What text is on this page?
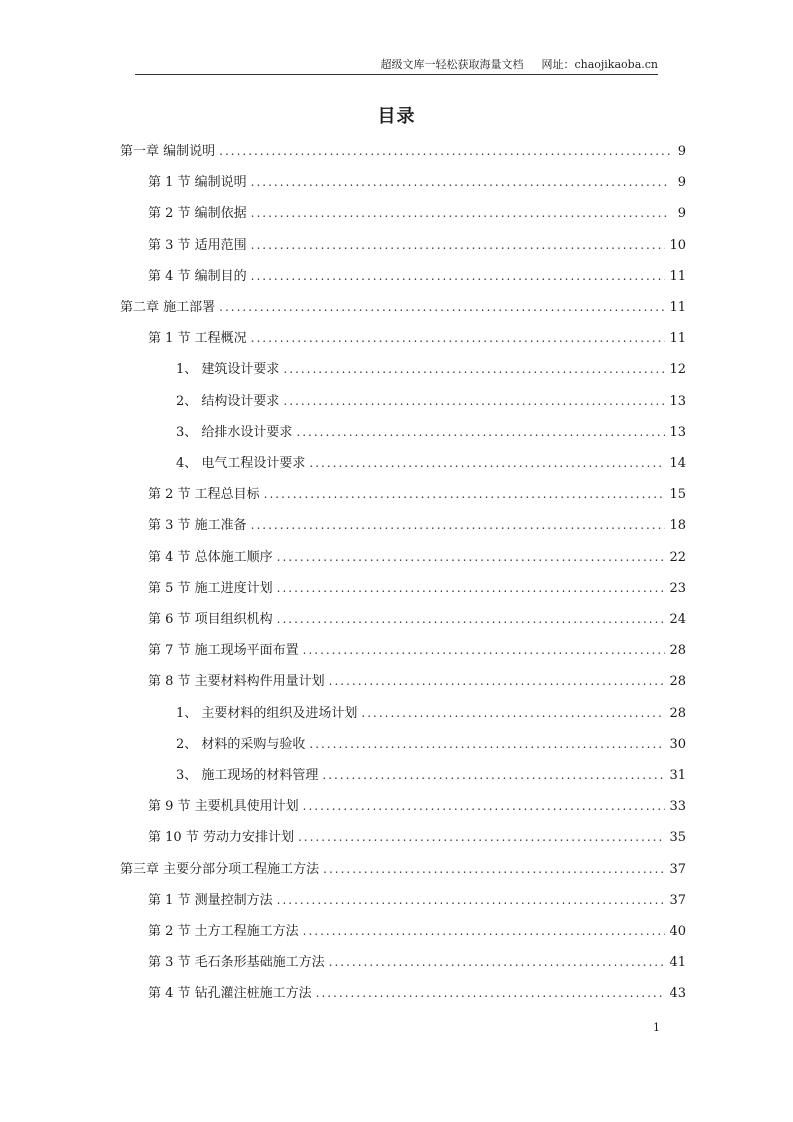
超级文库一轻松获取海量文档 网址：chaojikaoba.cn
目录
第一章 编制说明 .....	9
第 1 节 编制说明 .....	9
第 2 节 编制依据 .....	9
第 3 节 适用范围 .....	10
第 4 节 编制目的 .....	11
第二章 施工部署 .....	11
第 1 节 工程概况 .....	11
1、 建筑设计要求 .....	12
2、 结构设计要求 .....	13
3、 给排水设计要求 .....	13
4、 电气工程设计要求 .....	14
第 2 节 工程总目标 .....	15
第 3 节 施工准备 .....	18
第 4 节 总体施工顺序 .....	22
第 5 节 施工进度计划 .....	23
第 6 节 项目组织机构 .....	24
第 7 节 施工现场平面布置 .....	28
第 8 节 主要材料构件用量计划 .....	28
1、 主要材料的组织及进场计划 .....	28
2、 材料的采购与验收 .....	30
3、 施工现场的材料管理 .....	31
第 9 节 主要机具使用计划 .....	33
第 10 节 劳动力安排计划 .....	35
第三章 主要分部分项工程施工方法 .....	37
第 1 节 测量控制方法 .....	37
第 2 节 土方工程施工方法 .....	40
第 3 节 毛石条形基础施工方法 .....	41
第 4 节 钻孔灌注桩施工方法 .....	43
1
